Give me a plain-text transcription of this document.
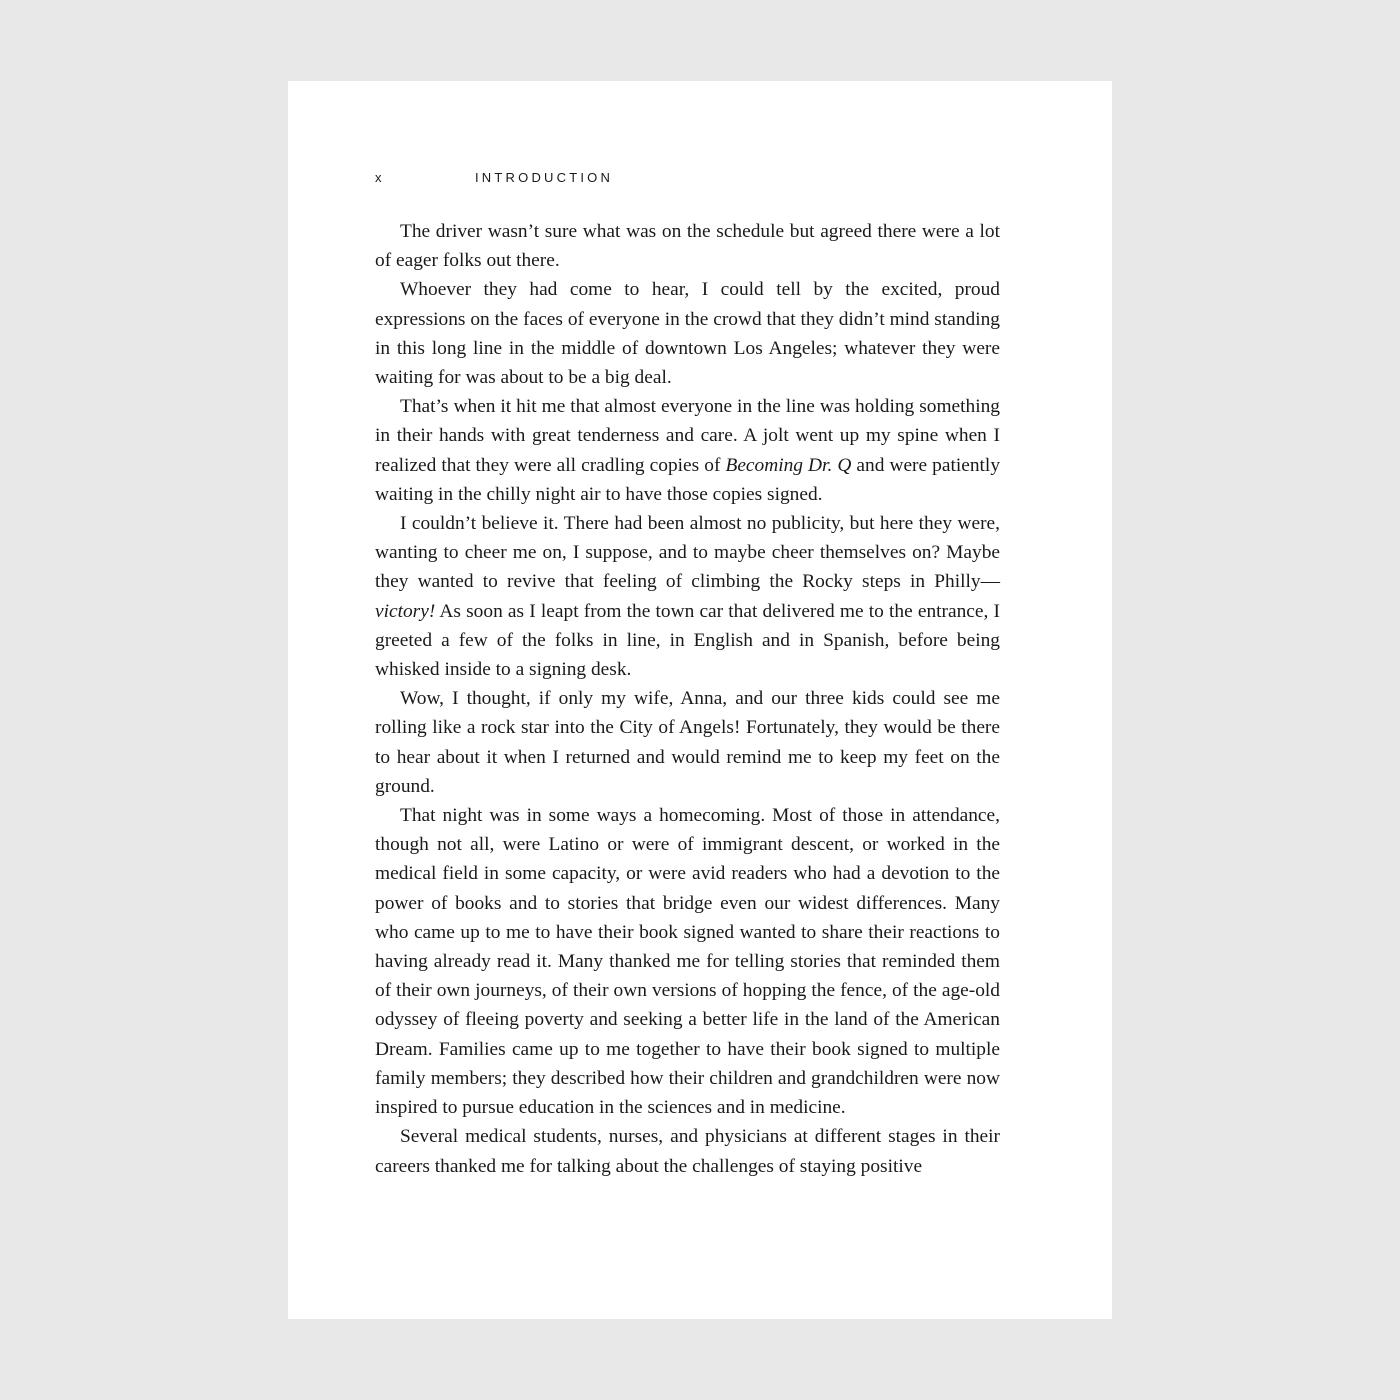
x	INTRODUCTION

The driver wasn’t sure what was on the schedule but agreed there were a lot of eager folks out there.

Whoever they had come to hear, I could tell by the excited, proud expressions on the faces of everyone in the crowd that they didn’t mind standing in this long line in the middle of downtown Los Angeles; whatever they were waiting for was about to be a big deal.

That’s when it hit me that almost everyone in the line was holding something in their hands with great tenderness and care. A jolt went up my spine when I realized that they were all cradling copies of Becoming Dr. Q and were patiently waiting in the chilly night air to have those copies signed.

I couldn’t believe it. There had been almost no publicity, but here they were, wanting to cheer me on, I suppose, and to maybe cheer themselves on? Maybe they wanted to revive that feeling of climbing the Rocky steps in Philly—victory! As soon as I leapt from the town car that delivered me to the entrance, I greeted a few of the folks in line, in English and in Spanish, before being whisked inside to a signing desk.

Wow, I thought, if only my wife, Anna, and our three kids could see me rolling like a rock star into the City of Angels! Fortunately, they would be there to hear about it when I returned and would remind me to keep my feet on the ground.

That night was in some ways a homecoming. Most of those in attendance, though not all, were Latino or were of immigrant descent, or worked in the medical field in some capacity, or were avid readers who had a devotion to the power of books and to stories that bridge even our widest differences. Many who came up to me to have their book signed wanted to share their reactions to having already read it. Many thanked me for telling stories that reminded them of their own journeys, of their own versions of hopping the fence, of the age-old odyssey of fleeing poverty and seeking a better life in the land of the American Dream. Families came up to me together to have their book signed to multiple family members; they described how their children and grandchildren were now inspired to pursue education in the sciences and in medicine.

Several medical students, nurses, and physicians at different stages in their careers thanked me for talking about the challenges of staying positive
